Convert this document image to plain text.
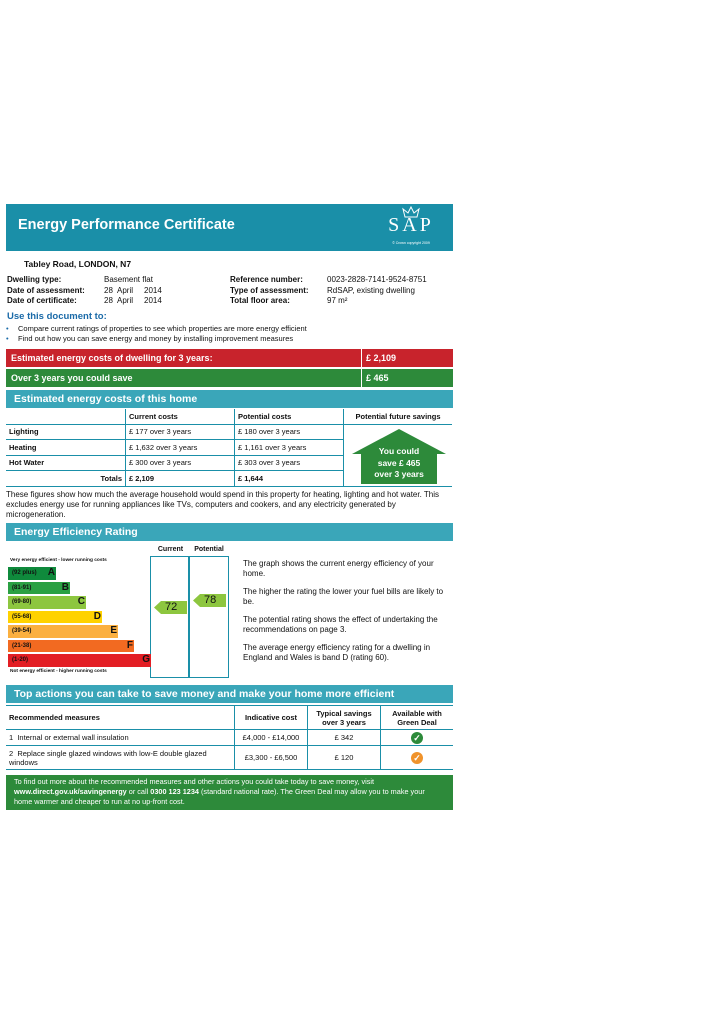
Energy Performance Certificate	SAP
© Crown copyright 2009
Tabley Road, LONDON, N7
Dwelling type:	Basement flat
Date of assessment:	28 April	2014
Date of certificate:	28 April	2014
Reference number:	0023-2828-7141-9524-8751
Type of assessment:	RdSAP, existing dwelling
Total floor area:	97 m²
Use this document to:
•	Compare current ratings of properties to see which properties are more energy efficient
•	Find out how you can save energy and money by installing improvement measures
Estimated energy costs of dwelling for 3 years:	£ 2,109
Over 3 years you could save	£ 465
Estimated energy costs of this home
	Current costs	Potential costs	Potential future savings
Lighting	£ 177 over 3 years	£ 180 over 3 years	
Heating	£ 1,632 over 3 years	£ 1,161 over 3 years	
Hot Water	£ 300 over 3 years	£ 303 over 3 years	
Totals	£ 2,109	£ 1,644	
You could
save £ 465
over 3 years
These figures show how much the average household would spend in this property for heating, lighting and hot water. This excludes energy use for running appliances like TVs, computers and cookers, and any electricity generated by microgeneration.
Energy Efficiency Rating
Current	Potential
Very energy efficient - lower running costs
(92 plus) A
(81-91)	B
(69-80)	C
(55-68)	D
(39-54)	E
(21-38)	F
(1-20)	G
Not energy efficient - higher running costs
72
78

The graph shows the current energy efficiency of your home.

The higher the rating the lower your fuel bills are likely to be.

The potential rating shows the effect of undertaking the recommendations on page 3.

The average energy efficiency rating for a dwelling in England and Wales is band D (rating 60).

Top actions you can take to save money and make your home more efficient
Recommended measures	Indicative cost	Typical savings over 3 years	Available with Green Deal
1 Internal or external wall insulation	£4,000 - £14,000	£ 342	✓
2 Replace single glazed windows with low-E double glazed windows	£3,300 - £6,500	£ 120	✓
To find out more about the recommended measures and other actions you could take today to save money, visit www.direct.gov.uk/savingenergy or call 0300 123 1234 (standard national rate). The Green Deal may allow you to make your home warmer and cheaper to run at no up-front cost.
